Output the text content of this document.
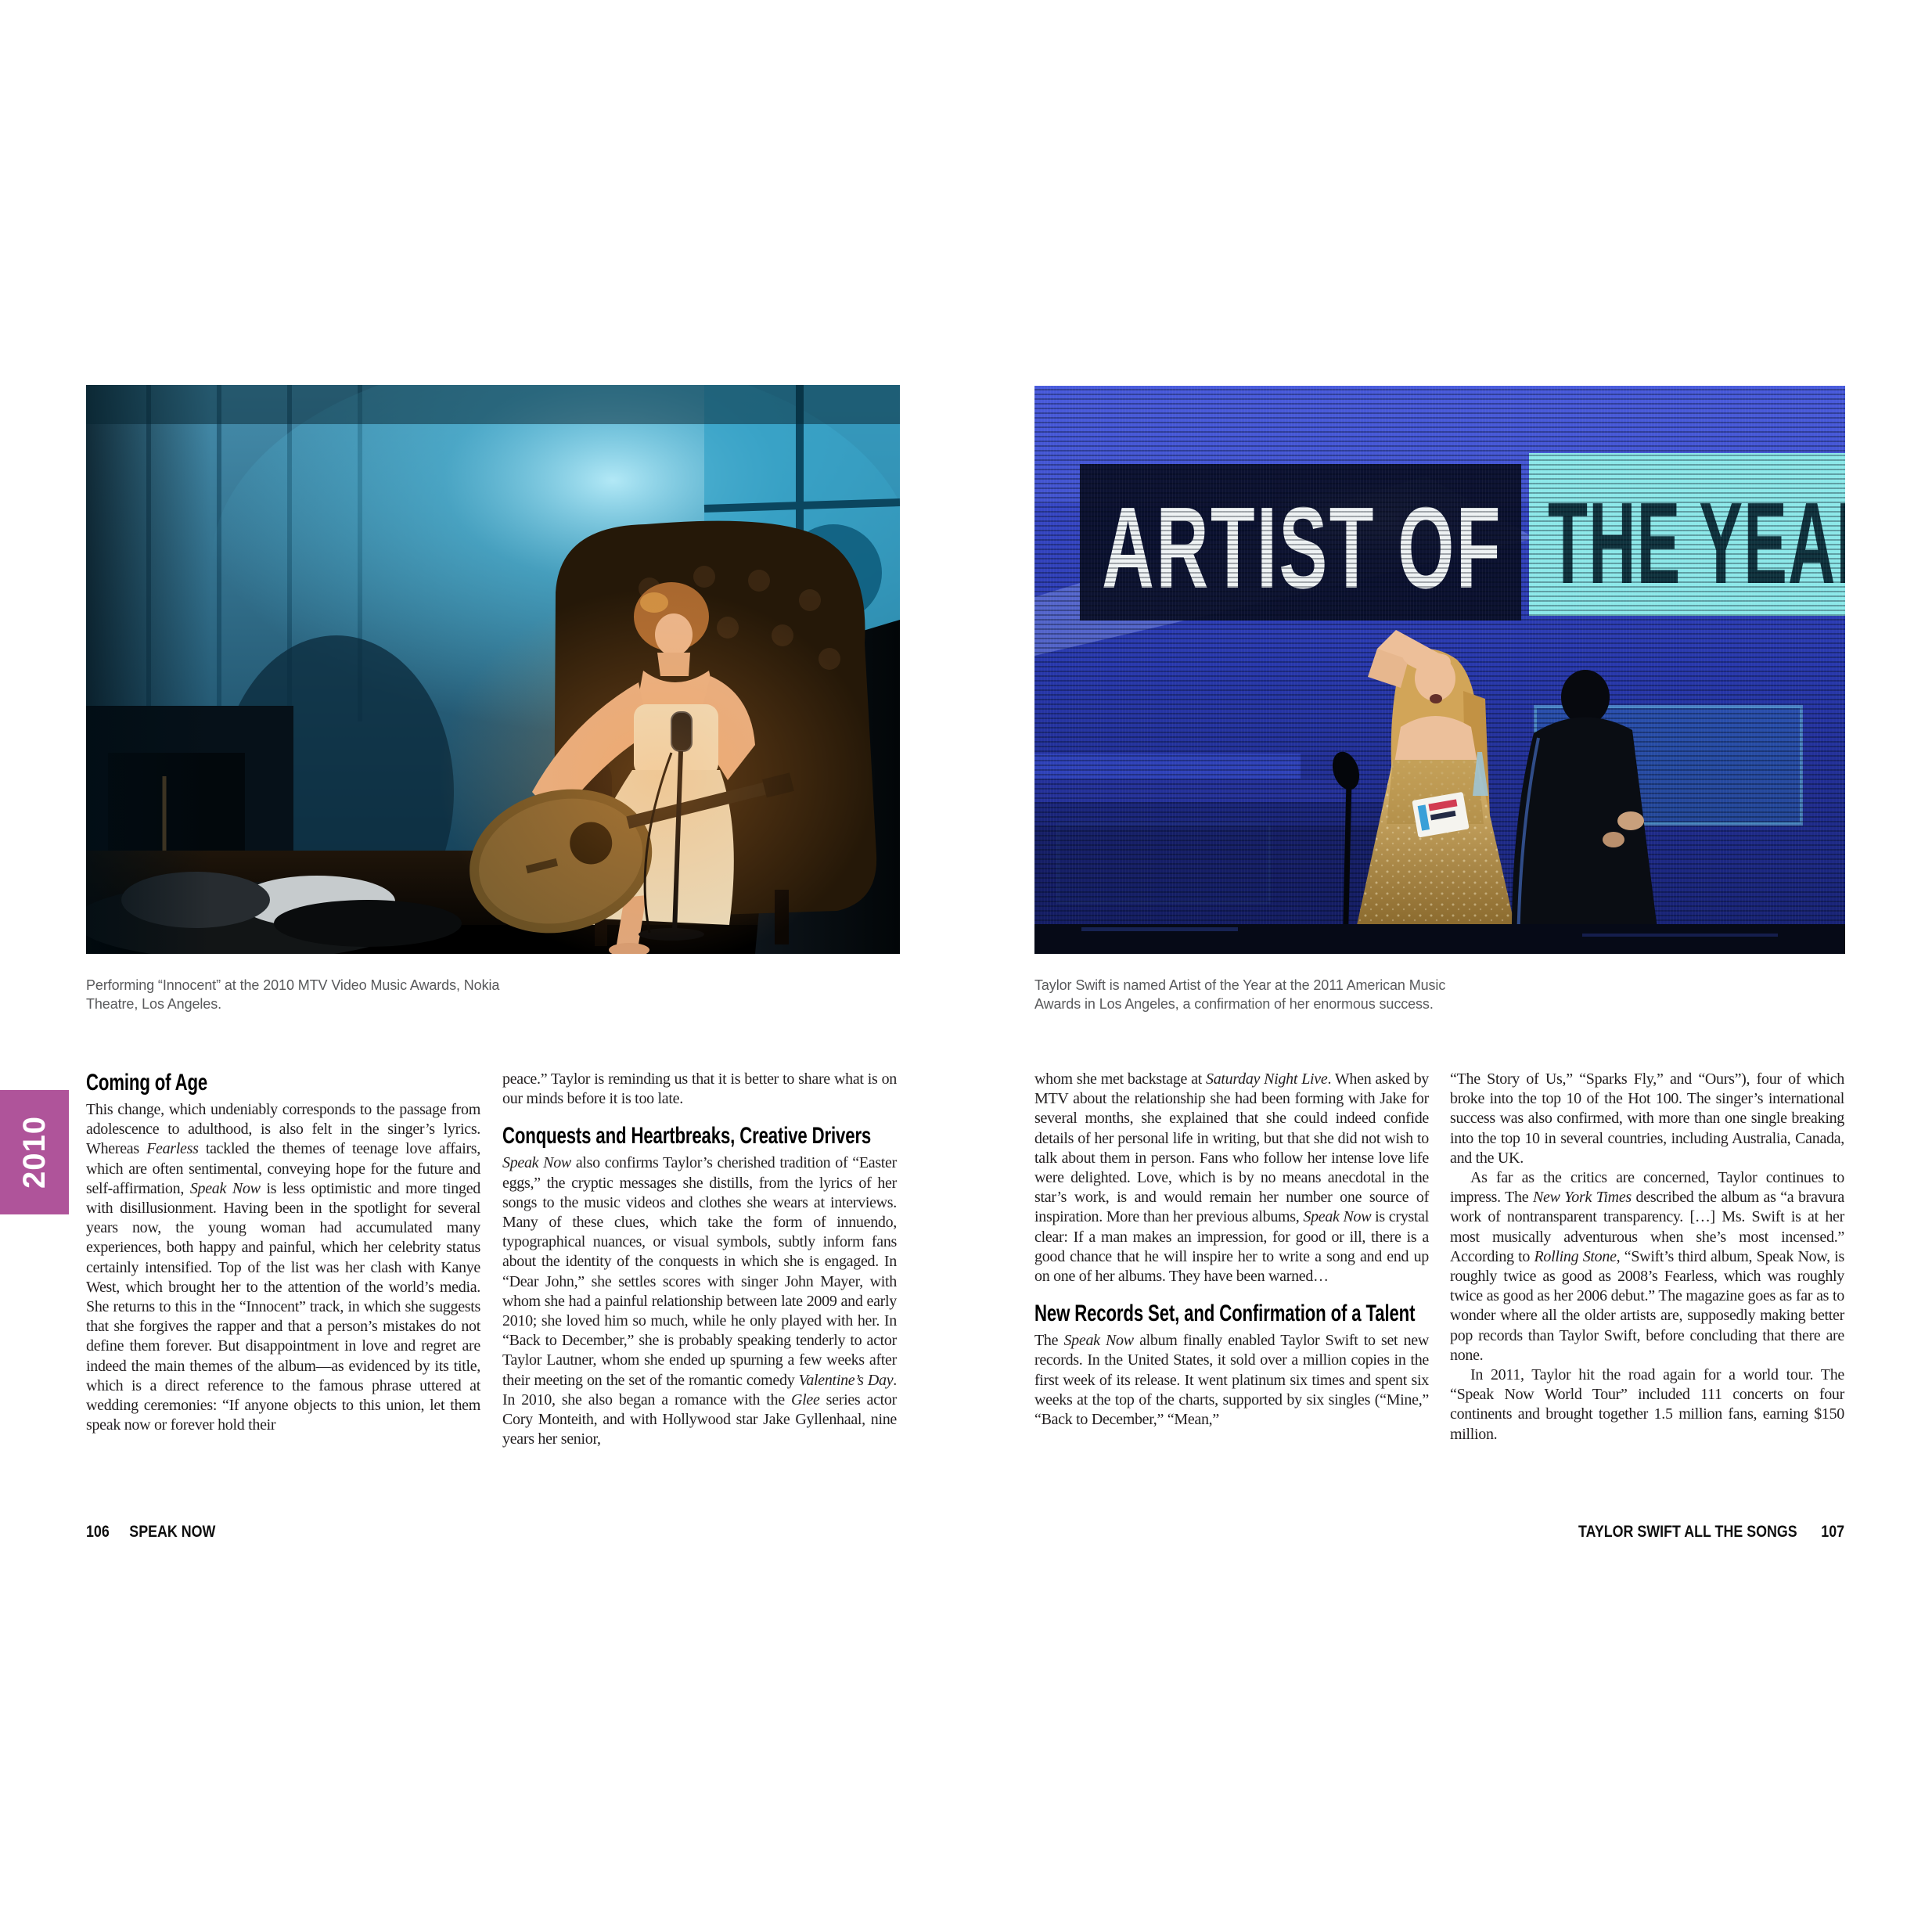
2010
Performing “Innocent” at the 2010 MTV Video Music Awards, Nokia Theatre, Los Angeles.
Taylor Swift is named Artist of the Year at the 2011 American Music Awards in Los Angeles, a confirmation of her enormous success.
Coming of Age

This change, which undeniably corresponds to the passage from adolescence to adulthood, is also felt in the singer’s lyrics. Whereas Fearless tackled the themes of teenage love affairs, which are often sentimental, conveying hope for the future and self-affirmation, Speak Now is less optimistic and more tinged with disillusionment. Having been in the spotlight for several years now, the young woman had accumulated many experiences, both happy and painful, which her celebrity status certainly intensified. Top of the list was her clash with Kanye West, which brought her to the attention of the world’s media. She returns to this in the “Innocent” track, in which she suggests that she forgives the rapper and that a person’s mistakes do not define them forever. But disappointment in love and regret are indeed the main themes of the album—as evidenced by its title, which is a direct reference to the famous phrase uttered at wedding ceremonies: “If anyone objects to this union, let them speak now or forever hold their

peace.” Taylor is reminding us that it is better to share what is on our minds before it is too late.

Conquests and Heartbreaks, Creative Drivers

Speak Now also confirms Taylor’s cherished tradition of “Easter eggs,” the cryptic messages she distills, from the lyrics of her songs to the music videos and clothes she wears at interviews. Many of these clues, which take the form of innuendo, typographical nuances, or visual symbols, subtly inform fans about the identity of the conquests in which she is engaged. In “Dear John,” she settles scores with singer John Mayer, with whom she had a painful relationship between late 2009 and early 2010; she loved him so much, while he only played with her. In “Back to December,” she is probably speaking tenderly to actor Taylor Lautner, whom she ended up spurning a few weeks after their meeting on the set of the romantic comedy Valentine’s Day. In 2010, she also began a romance with the Glee series actor Cory Monteith, and with Hollywood star Jake Gyllenhaal, nine years her senior,

whom she met backstage at Saturday Night Live. When asked by MTV about the relationship she had been forming with Jake for several months, she explained that she could indeed confide details of her personal life in writing, but that she did not wish to talk about them in person. Fans who follow her intense love life were delighted. Love, which is by no means anecdotal in the star’s work, is and would remain her number one source of inspiration. More than her previous albums, Speak Now is crystal clear: If a man makes an impression, for good or ill, there is a good chance that he will inspire her to write a song and end up on one of her albums. They have been warned…

New Records Set, and Confirmation of a Talent

The Speak Now album finally enabled Taylor Swift to set new records. In the United States, it sold over a million copies in the first week of its release. It went platinum six times and spent six weeks at the top of the charts, supported by six singles (“Mine,” “Back to December,” “Mean,”

“The Story of Us,” “Sparks Fly,” and “Ours”), four of which broke into the top 10 of the Hot 100. The singer’s international success was also confirmed, with more than one single breaking into the top 10 in several countries, including Australia, Canada, and the UK.

As far as the critics are concerned, Taylor continues to impress. The New York Times described the album as “a bravura work of nontransparent transparency. […] Ms. Swift is at her most musically adventurous when she’s most incensed.” According to Rolling Stone, “Swift’s third album, Speak Now, is roughly twice as good as 2008’s Fearless, which was roughly twice as good as her 2006 debut.” The magazine goes as far as to wonder where all the older artists are, supposedly making better pop records than Taylor Swift, before concluding that there are none.

In 2011, Taylor hit the road again for a world tour. The “Speak Now World Tour” included 111 concerts on four continents and brought together 1.5 million fans, earning $150 million.

106 SPEAK NOW	TAYLOR SWIFT ALL THE SONGS 107
